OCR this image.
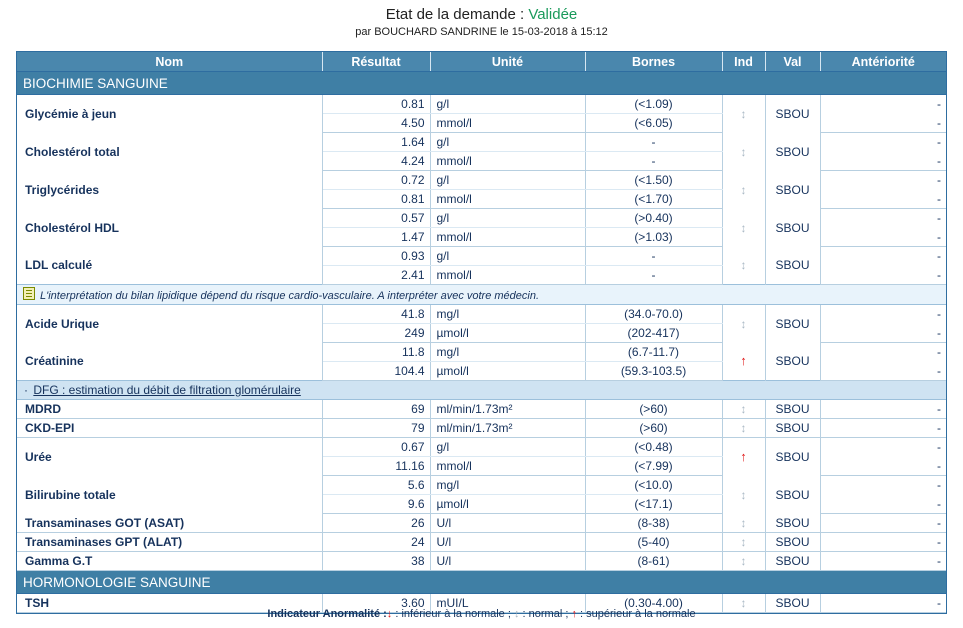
Etat de la demande : Validée
par BOUCHARD SANDRINE le 15-03-2018 à 15:12
Nom	Résultat	Unité	Bornes	Ind	Val	Antériorité
BIOCHIMIE SANGUINE						
Glycémie à jeun	0.81	g/l	(<1.09)	↕	SBOU	-
	4.50	mmol/l	(<6.05)			-
Cholestérol total	1.64	g/l	-	↕	SBOU	-
	4.24	mmol/l	-			-
Triglycérides	0.72	g/l	(<1.50)	↕	SBOU	-
	0.81	mmol/l	(<1.70)			-
Cholestérol HDL	0.57	g/l	(>0.40)	↕	SBOU	-
	1.47	mmol/l	(>1.03)			-
LDL calculé	0.93	g/l	-	↕	SBOU	-
	2.41	mmol/l	-			-
L'interprétation du bilan lipidique dépend du risque cardio-vasculaire. A interpréter avec votre médecin.						
Acide Urique	41.8	mg/l	(34.0-70.0)	↕	SBOU	-
	249	µmol/l	(202-417)			-
Créatinine	11.8	mg/l	(6.7-11.7)	↑	SBOU	-
	104.4	µmol/l	(59.3-103.5)			-
· DFG : estimation du débit de filtration glomérulaire						
MDRD	69	ml/min/1.73m²	(>60)	↕	SBOU	-
CKD-EPI	79	ml/min/1.73m²	(>60)	↕	SBOU	-
Urée	0.67	g/l	(<0.48)	↑	SBOU	-
	11.16	mmol/l	(<7.99)			-
Bilirubine totale	5.6	mg/l	(<10.0)	↕	SBOU	-
	9.6	µmol/l	(<17.1)			-
Transaminases GOT (ASAT)	26	U/l	(8-38)	↕	SBOU	-
Transaminases GPT (ALAT)	24	U/l	(5-40)	↕	SBOU	-
Gamma G.T	38	U/l	(8-61)	↕	SBOU	-
HORMONOLOGIE SANGUINE						
TSH	3.60	mUI/L	(0.30-4.00)	↕	SBOU	-
Indicateur Anormalité :↓ : inférieur à la normale ; ↕ : normal ; ↑ : supérieur à la normale
